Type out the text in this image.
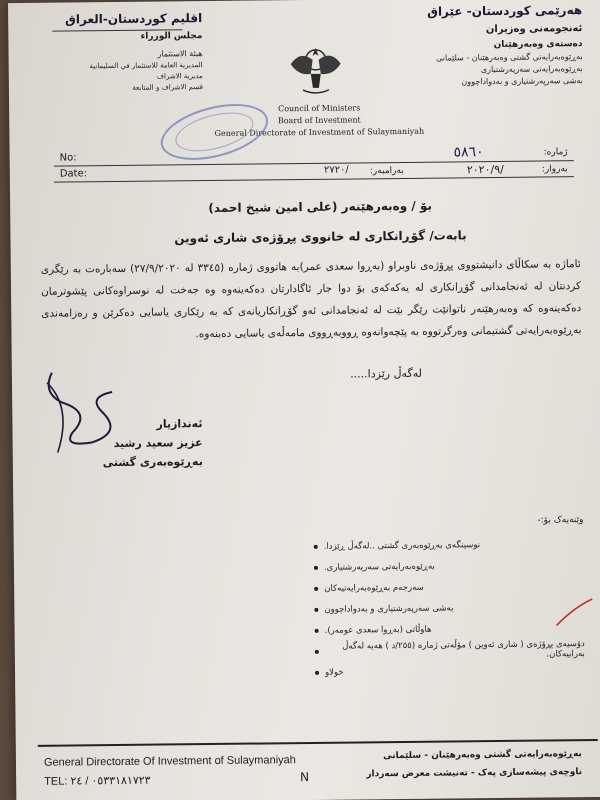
هەرێمی کوردستان- عێراق
ئەنجومەنی وەزیران
دەستەی وەبەرهێنان
بەڕێوەبەرایەتی گشتی وەبەرهێنان - سلێمانی
بەڕێوەبەرایەتی سەرپەرشتیاری
بەشی سەرپەرشتیاری و بەدواداچوون
اقليم كوردستان-العراق
مجلس الوزراء
هيئة الاستثمار
المديرية العامة للاستثمار في السليمانية
مديرية الاشراف
قسم الاشراف و المتابعة
Council of Ministers
Board of Investment
General Directorate of Investment of Sulaymaniyah
No:
ژمارە:
٥٨٦٠
Date:	بەروار:
٢٠٢٠/٩/
بەرامبەر:
٢٧٢٠/
بۆ / وەبەرهێنەر (علی امین شیخ احمد)
بابەت/ گۆڕانکاری لە خانووی پڕۆژەی شاری ئەوین
ئاماژە بە سکاڵای دانیشتووی پڕۆژەی ناوبراو (بەڕوا سعدی عمر)بە هاتووی ژمارە (٣٣٤٥ لە ٢٧/٩/٢٠٢٠) سەبارەت بە رێگری کردنتان لە ئەنجامدانی گۆڕانکاری لە یەکەکەی بۆ دوا جار ئاگادارتان دەکەینەوە وە جەخت لە نوسراوەکانی پێشوترمان دەکەینەوە کە وەبەرهێنەر ناتوانێت رێگر بێت لە ئەنجامدانی ئەو گۆڕانکاریانەی کە بە رێکاری یاسایی دەکرێن و رەزامەندی بەڕێوەبەرایەتی گشتیمانی وەرگرتووە بە پێچەوانەوە ڕووبەڕووی مامەڵەی یاسایی دەبنەوە.
لەگەڵ رێزدا.....
ئەندازیار
عزیز سعید رشید
بەڕێوەبەری گشتی
وێنەیەک بۆ:-
نوسینگەی بەڕێوەبەری گشتی ..لەگەڵ ڕێزدا.
بەڕێوەبەرایەتی سەرپەرشتیاری.
سەرجەم بەڕێوەبەرایەتیەکان
بەشی سەرپەرشتیاری و بەدواداچوون
هاوڵاتی (بەڕوا سعدی عومەر).
دۆسیەی پڕۆژەی ( شاری ئەوین ) مۆڵەتی ژمارە (٢٥٥/د ) هەیە لەگەڵ بەراییەکان.
خولاو
General Directorate Of Investment of Sulaymaniyah
TEL: ٠٥٣٣١٨١٧٢٣ / ٢٤	N
بەڕێوەبەرایەتی گشتی وەبەرهێنان - سلێمانی
ناوچەی پیشەسازی پەک - تەنیشت معرض سەردار
